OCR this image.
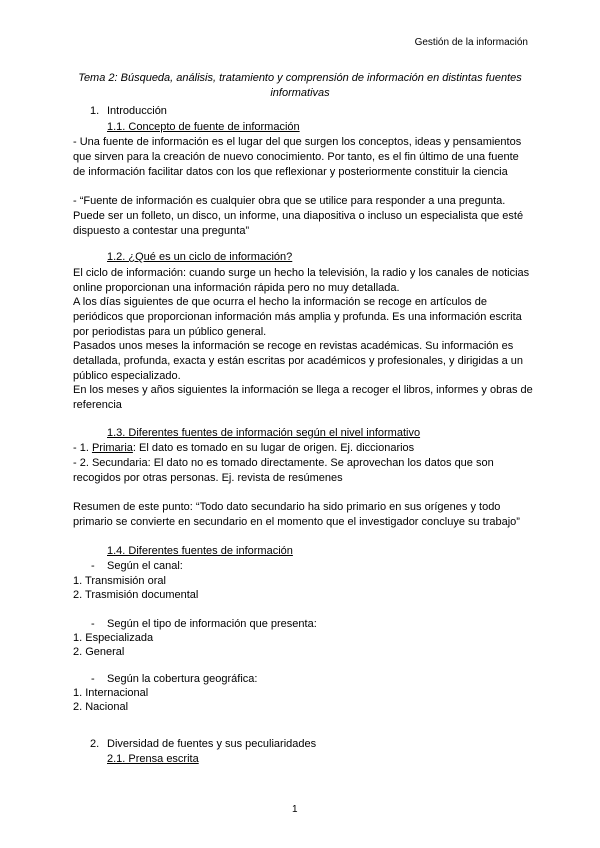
Gestión de la información
Tema 2: Búsqueda, análisis, tratamiento y comprensión de información en distintas fuentes informativas
1. Introducción
1.1. Concepto de fuente de información
- Una fuente de información es el lugar del que surgen los conceptos, ideas y pensamientos que sirven para la creación de nuevo conocimiento. Por tanto, es el fin último de una fuente de información facilitar datos con los que reflexionar y posteriormente constituir la ciencia
- “Fuente de información es cualquier obra que se utilice para responder a una pregunta. Puede ser un folleto, un disco, un informe, una diapositiva o incluso un especialista que esté dispuesto a contestar una pregunta”
1.2. ¿Qué es un ciclo de información?
El ciclo de información: cuando surge un hecho la televisión, la radio y los canales de noticias online proporcionan una información rápida pero no muy detallada.
A los días siguientes de que ocurra el hecho la información se recoge en artículos de periódicos que proporcionan información más amplia y profunda. Es una información escrita por periodistas para un público general.
Pasados unos meses la información se recoge en revistas académicas. Su información es detallada, profunda, exacta y están escritas por académicos y profesionales, y dirigidas a un público especializado.
En los meses y años siguientes la información se llega a recoger el libros, informes y obras de referencia
1.3. Diferentes fuentes de información según el nivel informativo
- 1. Primaria: El dato es tomado en su lugar de origen. Ej. diccionarios
- 2. Secundaria: El dato no es tomado directamente. Se aprovechan los datos que son recogidos por otras personas. Ej. revista de resúmenes
Resumen de este punto: “Todo dato secundario ha sido primario en sus orígenes y todo primario se convierte en secundario en el momento que el investigador concluye su trabajo”
1.4. Diferentes fuentes de información
- Según el canal:
1. Transmisión oral
2. Trasmisión documental
- Según el tipo de información que presenta:
1. Especializada
2. General
- Según la cobertura geográfica:
1. Internacional
2. Nacional
2. Diversidad de fuentes y sus peculiaridades
2.1. Prensa escrita
1
